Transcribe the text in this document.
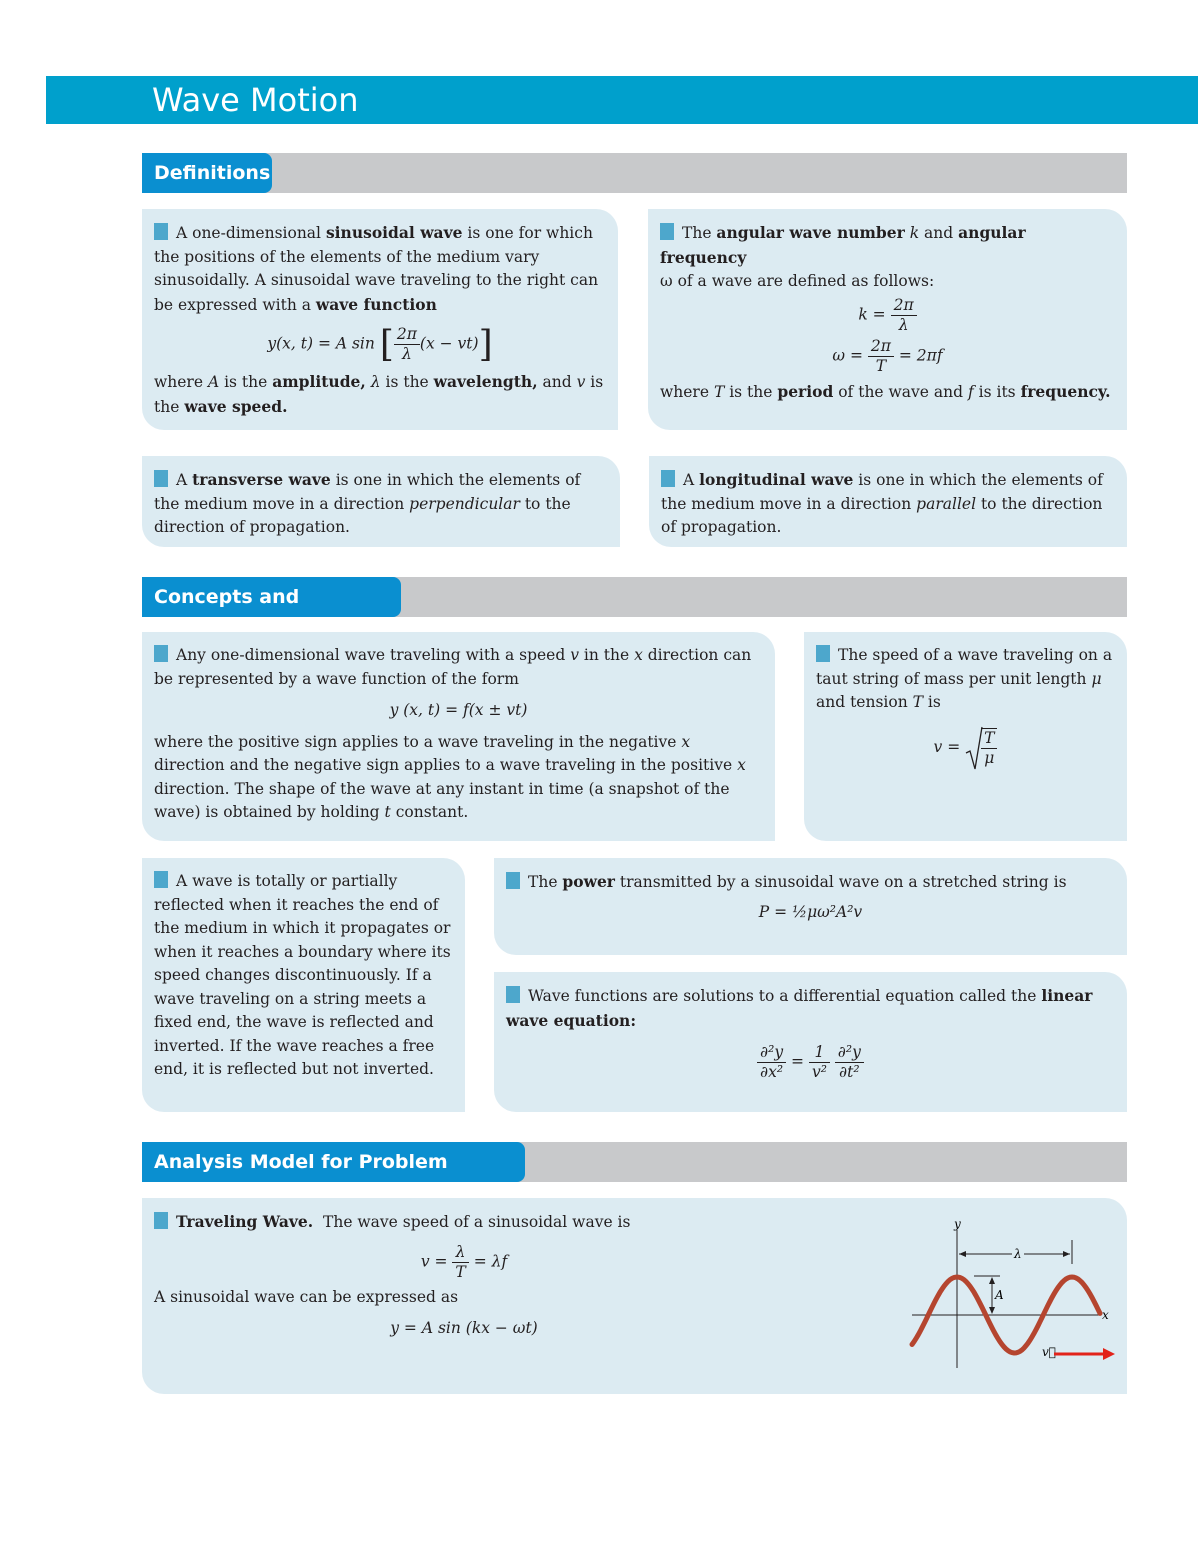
Wave Motion
Definitions
A one-dimensional sinusoidal wave is one for which the positions of the elements of the medium vary sinusoidally. A sinusoidal wave traveling to the right can be expressed with a wave function
y(x, t) = A sin [ $\frac{2\pi}{\lambda} (x - vt)$]
where A is the amplitude, λ is the wavelength, and v is the wave speed.
The angular wave number k and angular frequency
ω of a wave are defined as follows:
$k = \frac{2\pi}{\lambda}$
$\omega = \frac{2\pi}{T} = 2\pi f$
where T is the period of the wave and f is its frequency.
A transverse wave is one in which the elements of the medium move in a direction perpendicular to the direction of propagation.
A longitudinal wave is one in which the elements of the medium move in a direction parallel to the direction of propagation.
Concepts and
Any one-dimensional wave traveling with a speed v in the x direction can be represented by a wave function of the form
y (x, t) = f(x ± vt)
where the positive sign applies to a wave traveling in the negative x direction and the negative sign applies to a wave traveling in the positive x direction. The shape of the wave at any instant in time (a snapshot of the wave) is obtained by holding t constant.
The speed of a wave traveling on a taut string of mass per unit length μ and tension T is
$v = \frac{T}{\mu}$
A wave is totally or partially reflected when it reaches the end of the medium in which it propagates or when it reaches a boundary where its speed changes discontinuously. If a wave traveling on a string meets a fixed end, the wave is reflected and inverted. If the wave reaches a free end, it is reflected but not inverted.
The power transmitted by a sinusoidal wave on a stretched string is
P = ½μω²A²v
Wave functions are solutions to a differential equation called the linear wave equation:
$\frac{\text{∂²y}}{\text{∂x²}} = \frac{1}{\text{v²}}$
$\frac{\text{∂²y}}{\text{∂t²}}$
Analysis Model for Problem
Traveling Wave.  The wave speed of a sinusoidal wave is
$v = \frac{\lambda}{T} = \lambda f$
A sinusoidal wave can be expressed as
y = A sin (kx − ωt)
y
x
λ
A
v⃗
